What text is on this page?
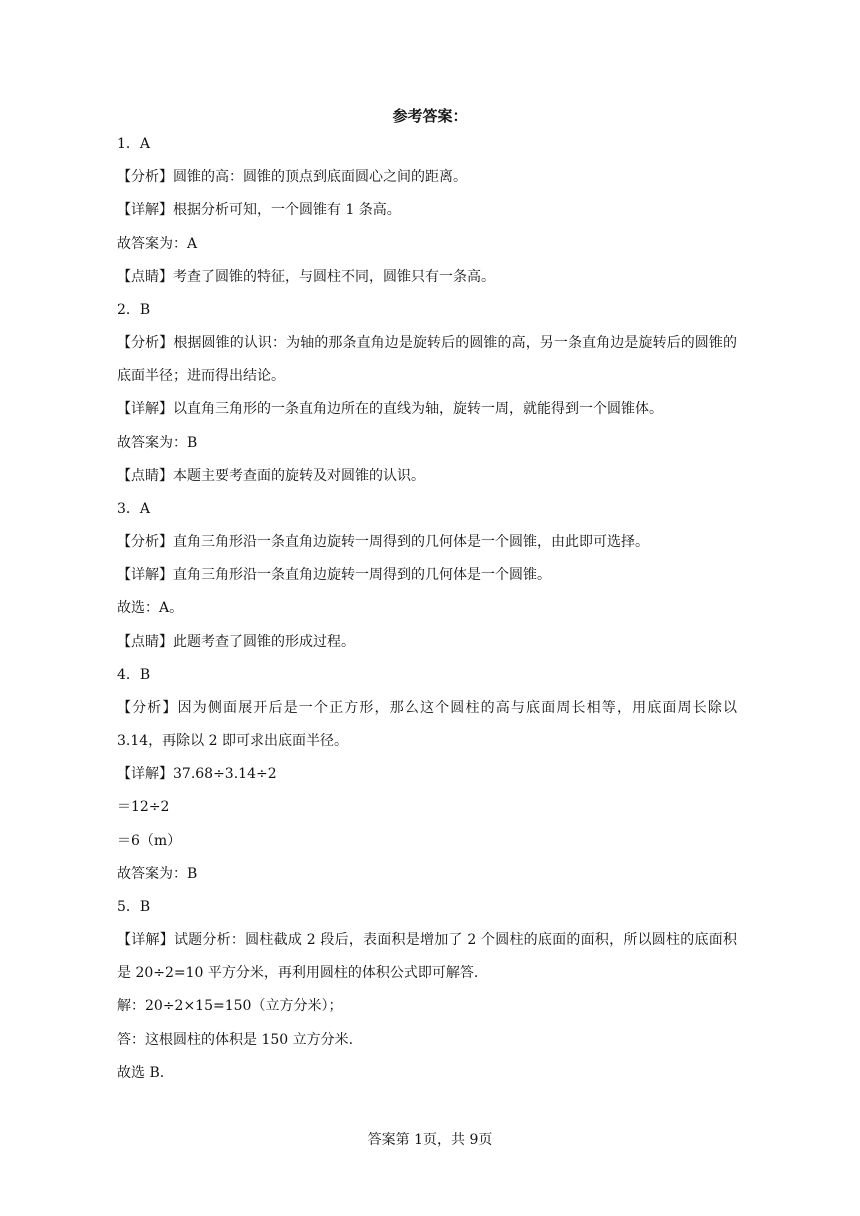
参考答案：
1．A
【分析】圆锥的高：圆锥的顶点到底面圆心之间的距离。
【详解】根据分析可知，一个圆锥有 1 条高。
故答案为：A
【点睛】考查了圆锥的特征，与圆柱不同，圆锥只有一条高。
2．B
【分析】根据圆锥的认识：为轴的那条直角边是旋转后的圆锥的高，另一条直角边是旋转后的圆锥的底面半径；进而得出结论。
【详解】以直角三角形的一条直角边所在的直线为轴，旋转一周，就能得到一个圆锥体。
故答案为：B
【点睛】本题主要考查面的旋转及对圆锥的认识。
3．A
【分析】直角三角形沿一条直角边旋转一周得到的几何体是一个圆锥，由此即可选择。
【详解】直角三角形沿一条直角边旋转一周得到的几何体是一个圆锥。
故选：A。
【点睛】此题考查了圆锥的形成过程。
4．B
【分析】因为侧面展开后是一个正方形，那么这个圆柱的高与底面周长相等，用底面周长除以 3.14，再除以 2 即可求出底面半径。
【详解】37.68÷3.14÷2
＝12÷2
＝6（m）
故答案为：B
5．B
【详解】试题分析：圆柱截成 2 段后，表面积是增加了 2 个圆柱的底面的面积，所以圆柱的底面积是 20÷2=10 平方分米，再利用圆柱的体积公式即可解答.
解：20÷2×15=150（立方分米）；
答：这根圆柱的体积是 150 立方分米.
故选 B.
答案第 1页，共 9页
